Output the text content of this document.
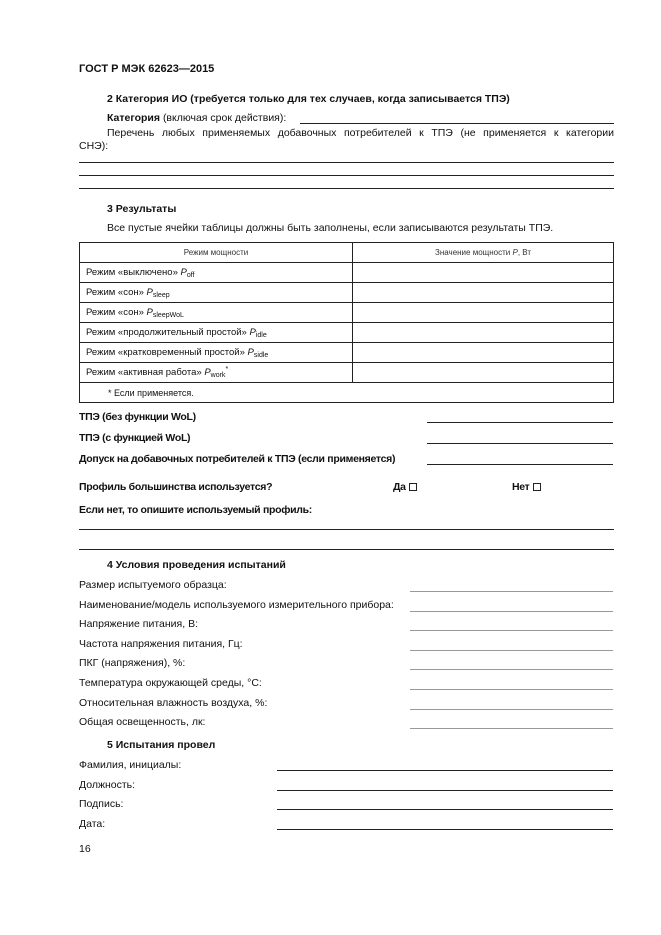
ГОСТ Р МЭК 62623—2015
2 Категория ИО (требуется только для тех случаев, когда записывается ТПЭ)
Категория (включая срок действия):
Перечень любых применяемых добавочных потребителей к ТПЭ (не применяется к категории
СНЭ):
3 Результаты
Все пустые ячейки таблицы должны быть заполнены, если записываются результаты ТПЭ.
Режим мощности	Значение мощности P, Вт
Режим «выключено» $P_{off}$	
Режим «сон» $P_{sleep}$	
Режим «сон» $P_{sleepWoL}$	
Режим «продолжительный простой» $P_{idle}$	
Режим «кратковременный простой» $P_{sidle}$	
Режим «активная работа» $P_{work}^*$	
* Если применяется.	
ТПЭ (без функции WoL)
ТПЭ (с функцией WoL)
Допуск на добавочных потребителей к ТПЭ (если применяется)
Профиль большинства используется?	Да	Нет
Если нет, то опишите используемый профиль:
4 Условия проведения испытаний
Размер испытуемого образца:
Наименование/модель используемого измерительного прибора:
Напряжение питания, В:
Частота напряжения питания, Гц:
ПКГ (напряжения), %:
Температура окружающей среды, °С:
Относительная влажность воздуха, %:
Общая освещенность, лк:
5 Испытания провел
Фамилия, инициалы:
Должность:
Подпись:
Дата:
16
